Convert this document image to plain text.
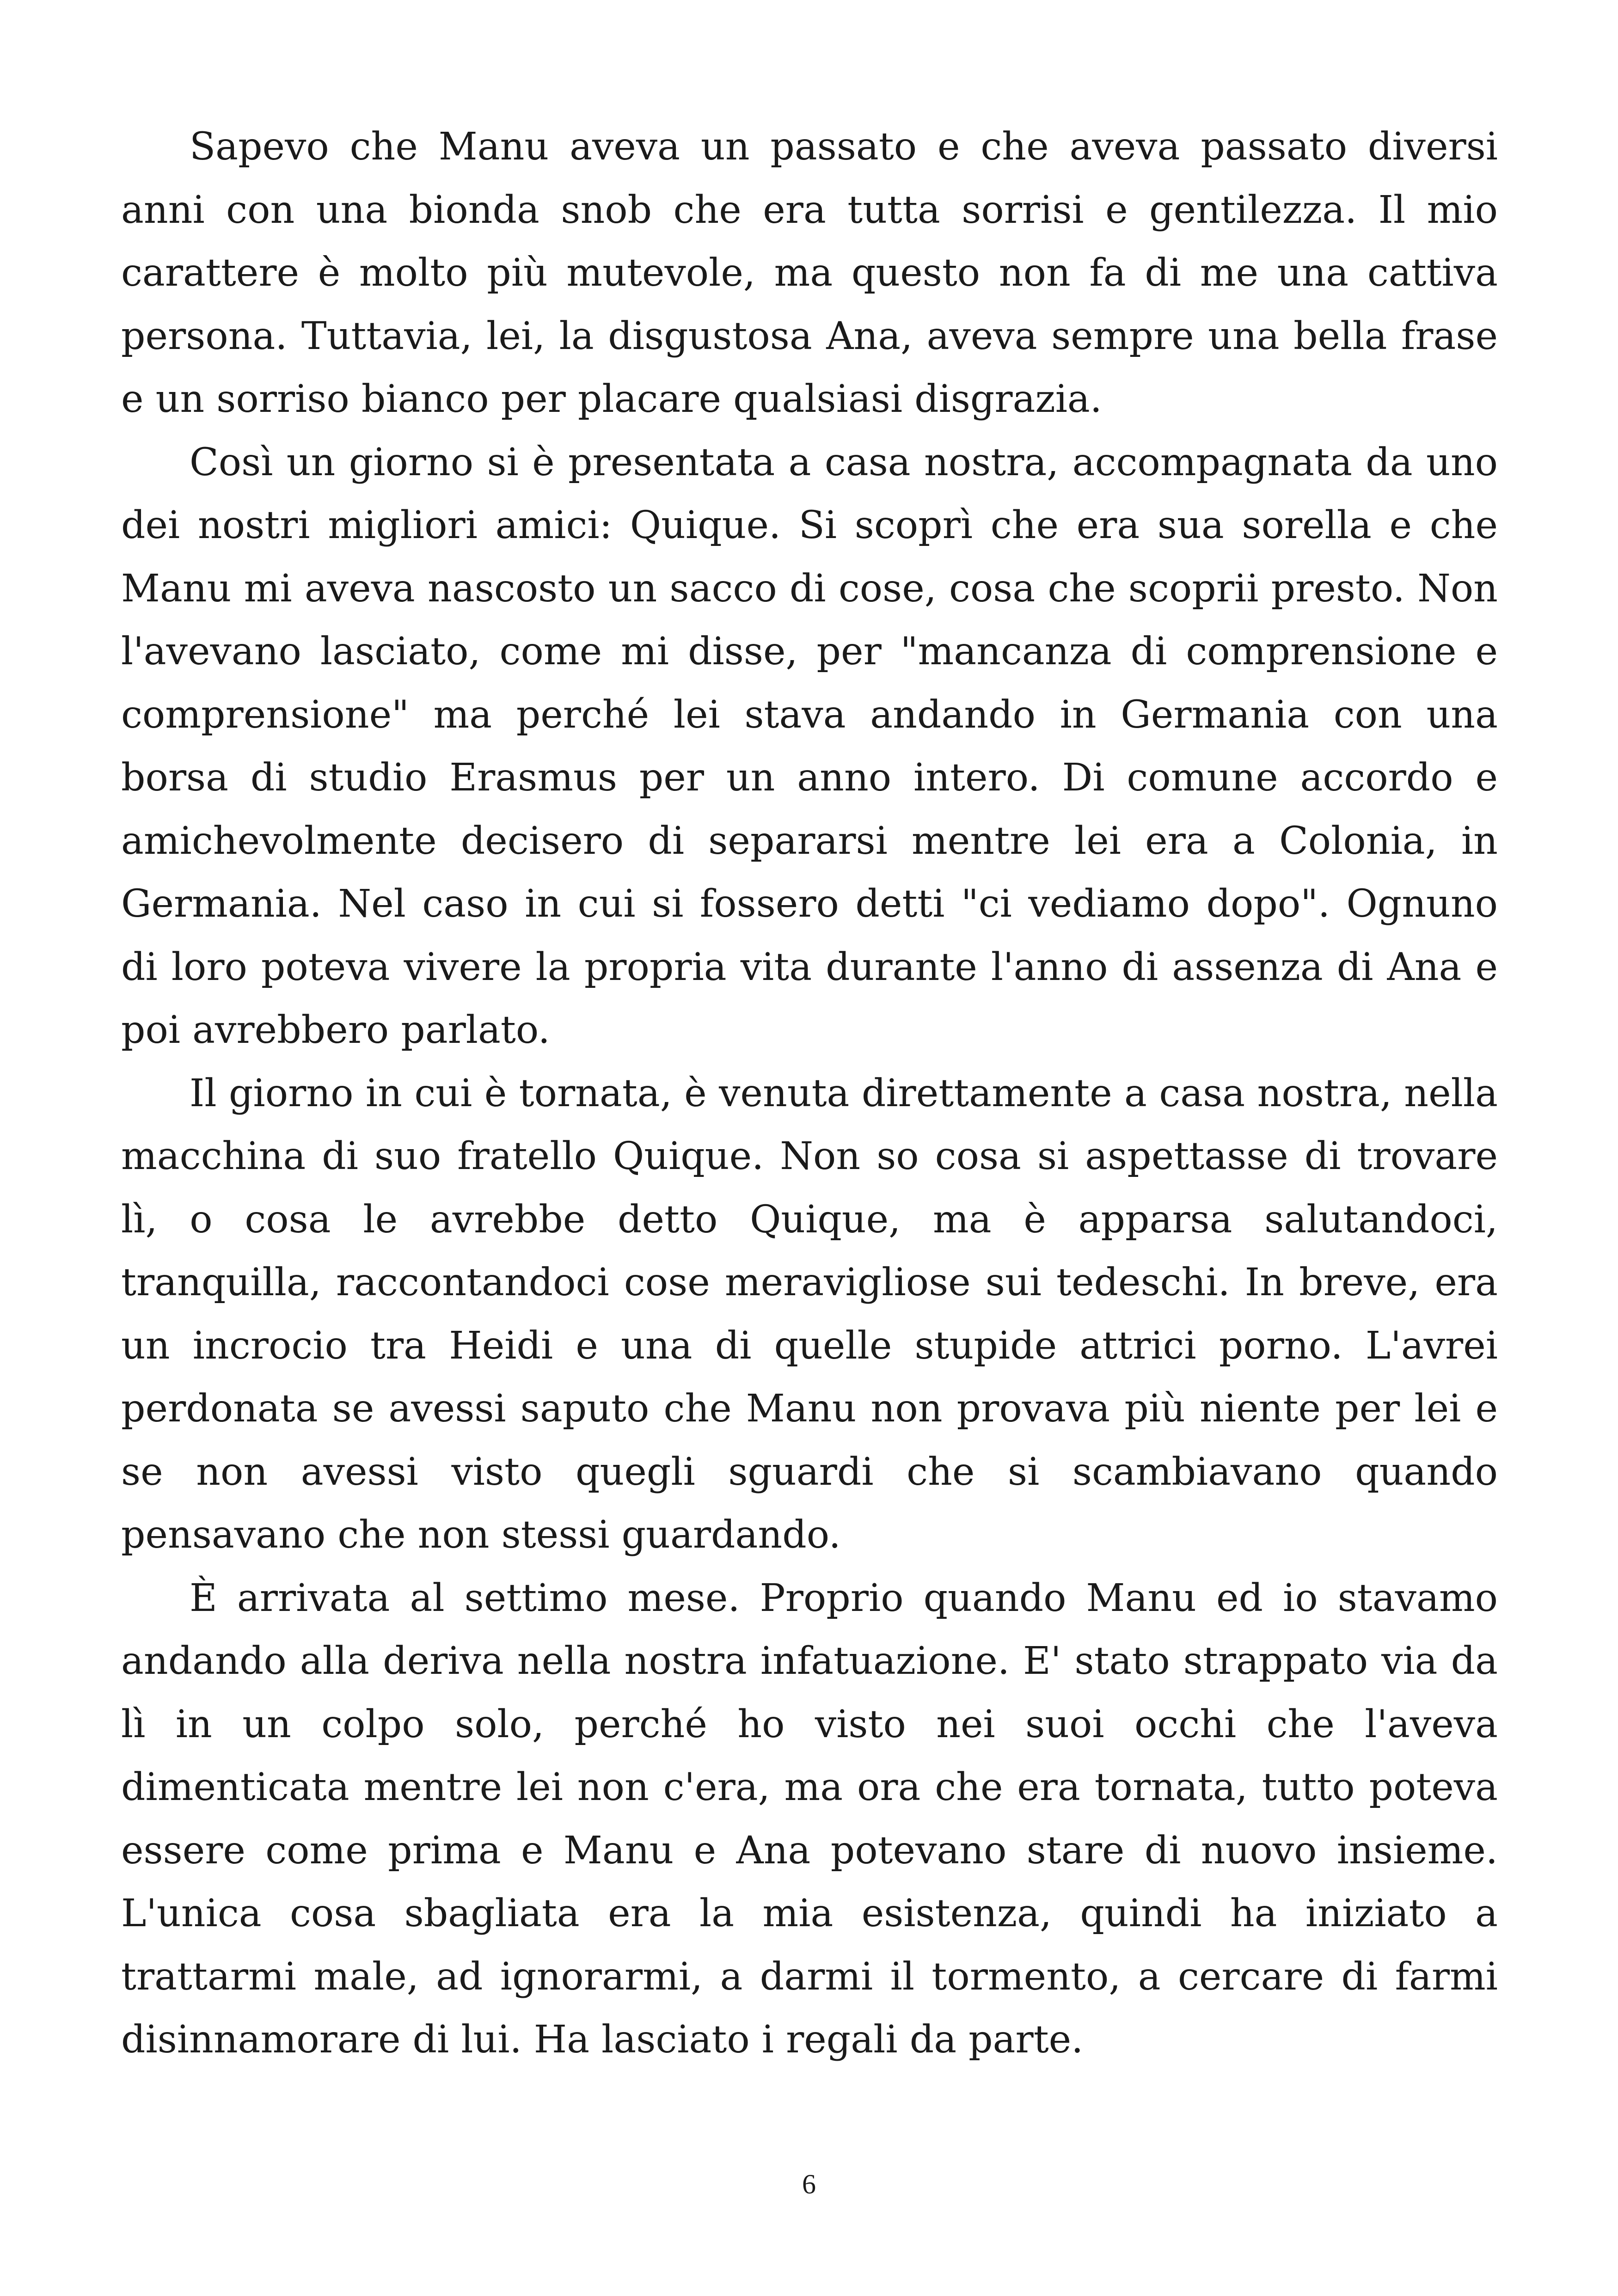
Sapevo che Manu aveva un passato e che aveva passato diversi anni con una bionda snob che era tutta sorrisi e gentilezza. Il mio carattere è molto più mutevole, ma questo non fa di me una cattiva persona. Tuttavia, lei, la disgustosa Ana, aveva sempre una bella frase e un sorriso bianco per placare qualsiasi disgrazia.

Così un giorno si è presentata a casa nostra, accompagnata da uno dei nostri migliori amici: Quique. Si scoprì che era sua sorella e che Manu mi aveva nascosto un sacco di cose, cosa che scoprii presto. Non l'avevano lasciato, come mi disse, per "mancanza di comprensione e comprensione" ma perché lei stava andando in Germania con una borsa di studio Erasmus per un anno intero. Di comune accordo e amichevolmente decisero di separarsi mentre lei era a Colonia, in Germania. Nel caso in cui si fossero detti "ci vediamo dopo". Ognuno di loro poteva vivere la propria vita durante l'anno di assenza di Ana e poi avrebbero parlato.

Il giorno in cui è tornata, è venuta direttamente a casa nostra, nella macchina di suo fratello Quique. Non so cosa si aspettasse di trovare lì, o cosa le avrebbe detto Quique, ma è apparsa salutandoci, tranquilla, raccontandoci cose meravigliose sui tedeschi. In breve, era un incrocio tra Heidi e una di quelle stupide attrici porno. L'avrei perdonata se avessi saputo che Manu non provava più niente per lei e se non avessi visto quegli sguardi che si scambiavano quando pensavano che non stessi guardando.

È arrivata al settimo mese. Proprio quando Manu ed io stavamo andando alla deriva nella nostra infatuazione. E' stato strappato via da lì in un colpo solo, perché ho visto nei suoi occhi che l'aveva dimenticata mentre lei non c'era, ma ora che era tornata, tutto poteva essere come prima e Manu e Ana potevano stare di nuovo insieme. L'unica cosa sbagliata era la mia esistenza, quindi ha iniziato a trattarmi male, ad ignorarmi, a darmi il tormento, a cercare di farmi disinnamorare di lui. Ha lasciato i regali da parte.

6
